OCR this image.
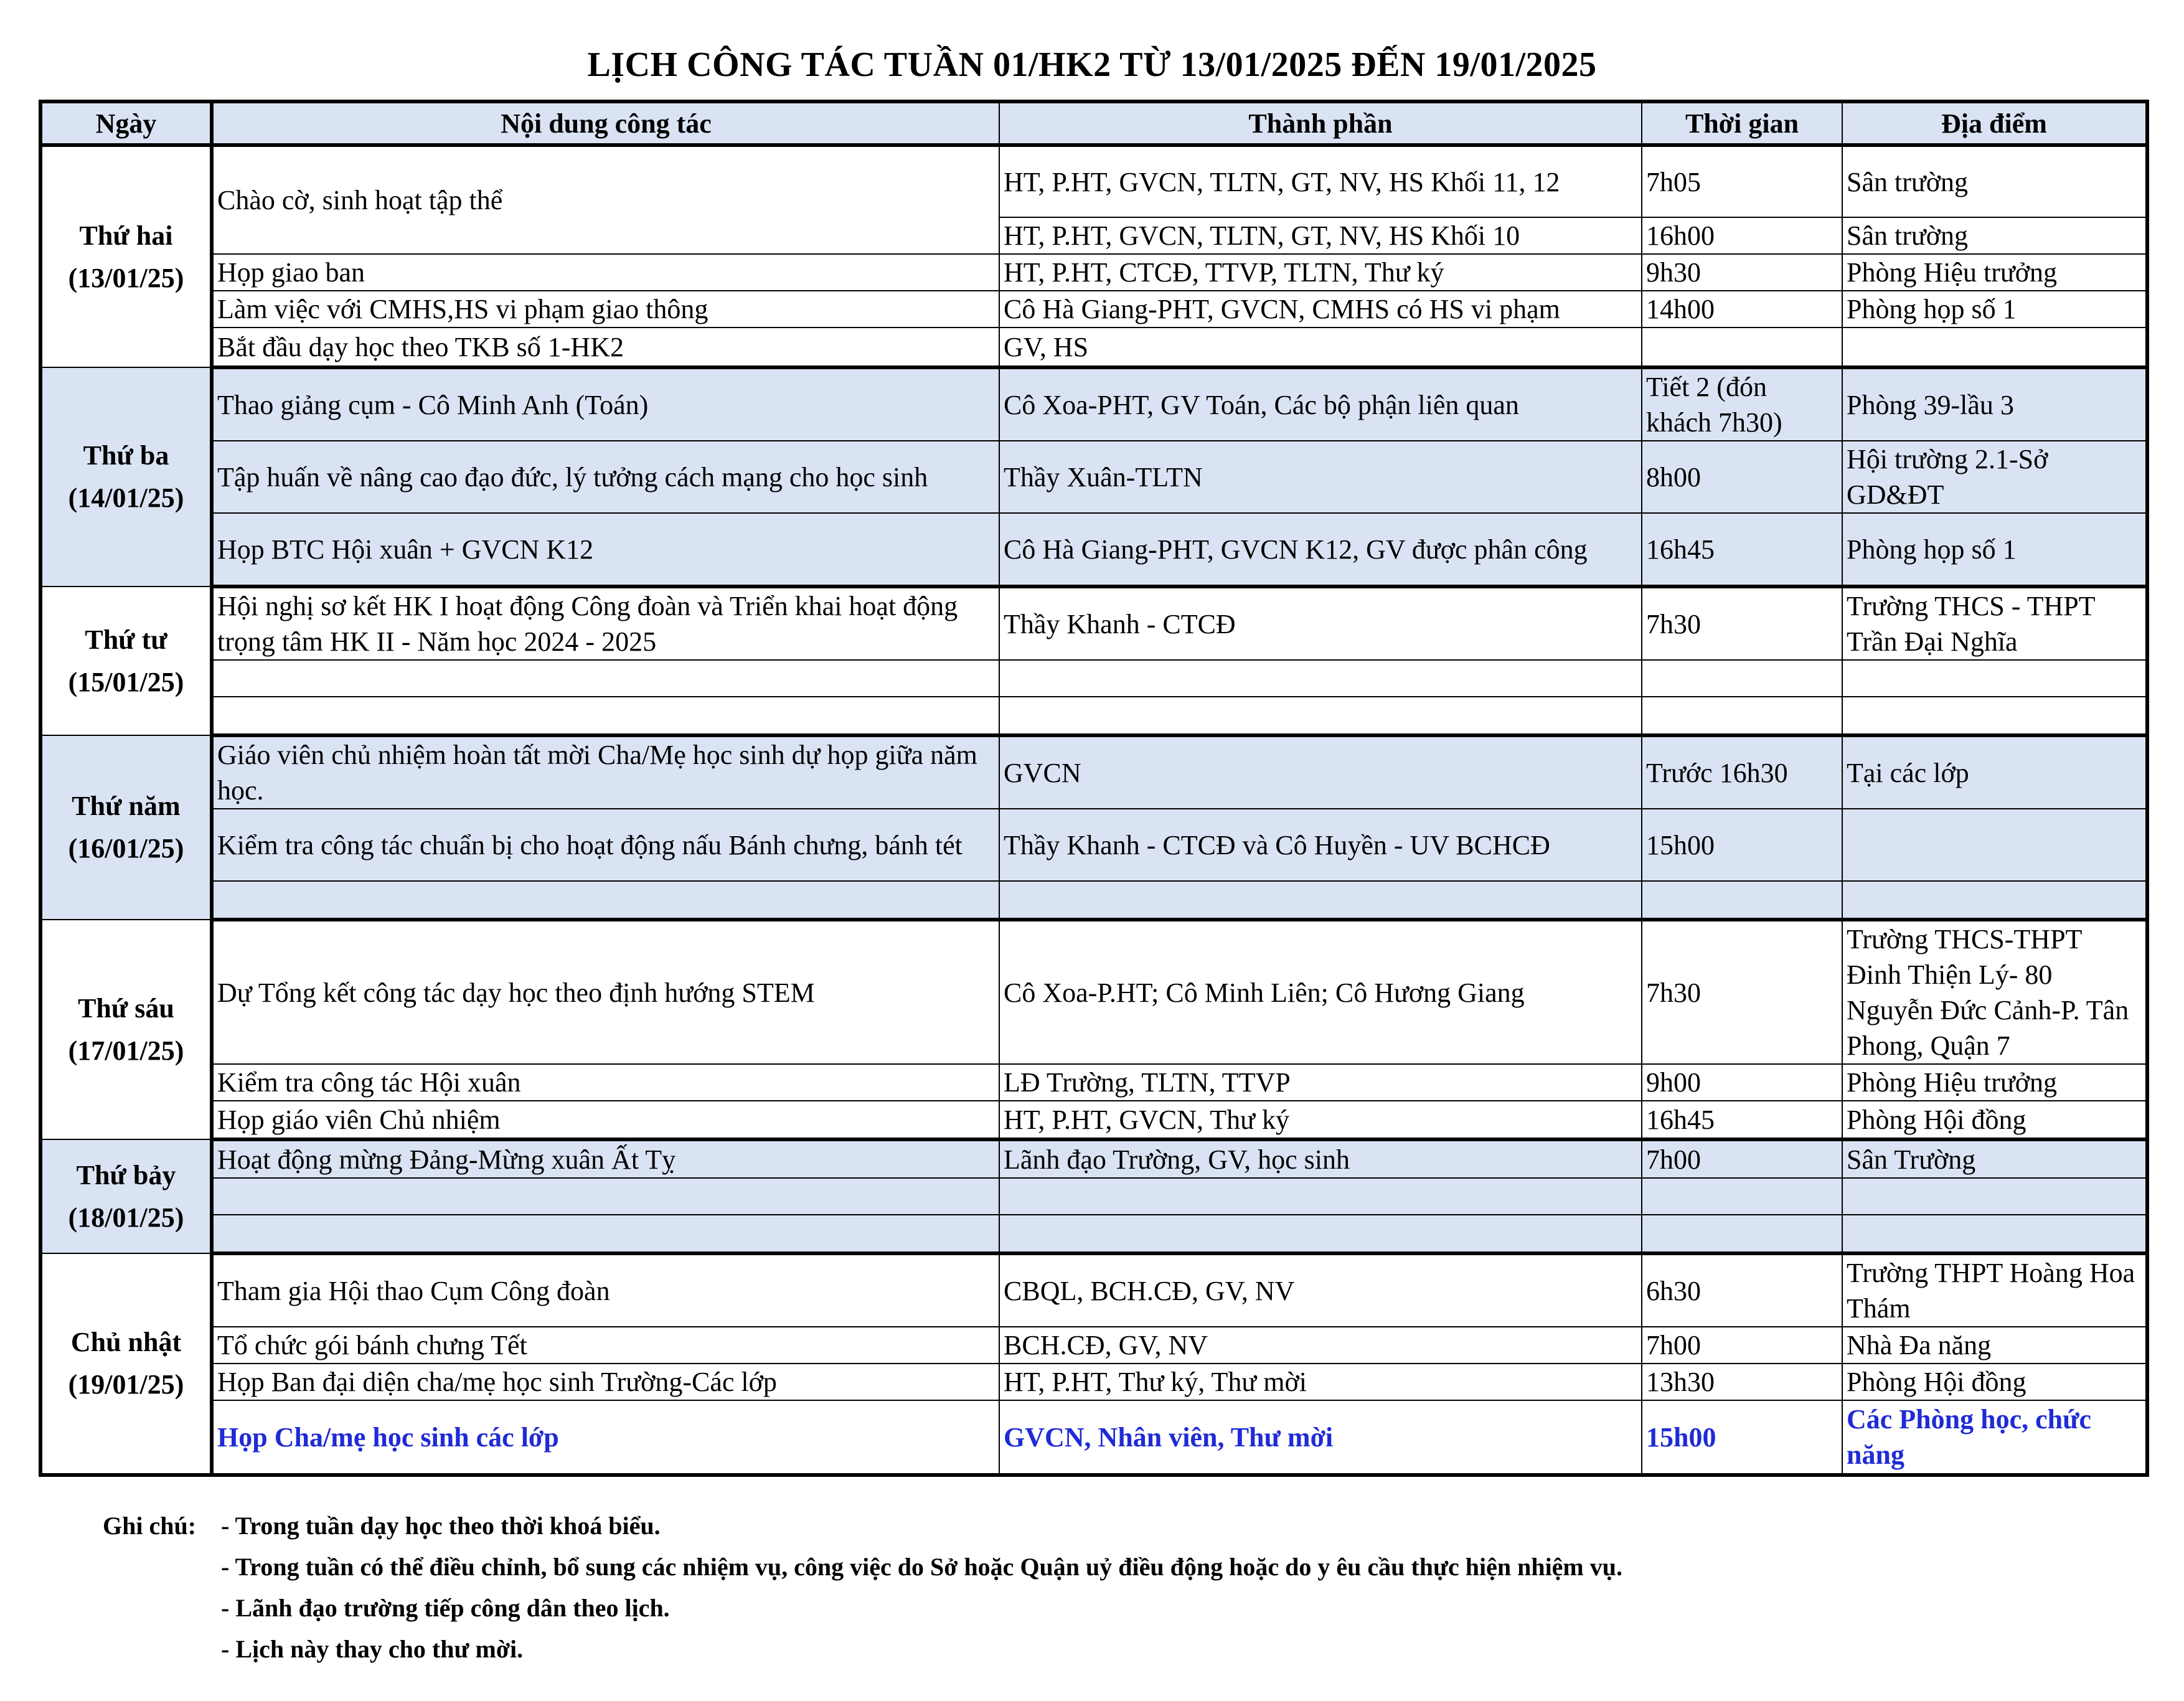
LỊCH CÔNG TÁC TUẦN 01/HK2 TỪ 13/01/2025 ĐẾN 19/01/2025
Ngày	Nội dung công tác	Thành phần	Thời gian	Địa điểm
Thứ hai
(13/01/25)	Chào cờ, sinh hoạt tập thể	HT, P.HT, GVCN, TLTN, GT, NV, HS Khối 11, 12	7h05	Sân trường
		HT, P.HT, GVCN, TLTN, GT, NV, HS Khối 10	16h00	Sân trường
	Họp giao ban	HT, P.HT, CTCĐ, TTVP, TLTN, Thư ký	9h30	Phòng Hiệu trưởng
	Làm việc với CMHS,HS vi phạm giao thông	Cô Hà Giang-PHT, GVCN, CMHS có HS vi phạm	14h00	Phòng họp số 1
	Bắt đầu dạy học theo TKB số 1-HK2	GV, HS		
Thứ ba
(14/01/25)	Thao giảng cụm - Cô Minh Anh (Toán)	Cô Xoa-PHT, GV Toán, Các bộ phận liên quan	Tiết 2 (đón khách 7h30)	Phòng 39-lầu 3
	Tập huấn về nâng cao đạo đức, lý tưởng cách mạng cho học sinh	Thầy Xuân-TLTN	8h00	Hội trường 2.1-Sở GD&ĐT
	Họp BTC Hội xuân + GVCN K12	Cô Hà Giang-PHT, GVCN K12, GV được phân công	16h45	Phòng họp số 1
Thứ tư
(15/01/25)	Hội nghị sơ kết HK I hoạt động Công đoàn và Triển khai hoạt động trọng tâm HK II - Năm học 2024 - 2025	Thầy Khanh - CTCĐ	7h30	Trường THCS - THPT Trần Đại Nghĩa

Thứ năm
(16/01/25)	Giáo viên chủ nhiệm hoàn tất mời Cha/Mẹ học sinh dự họp giữa năm học.	GVCN	Trước 16h30	Tại các lớp
	Kiểm tra công tác chuẩn bị cho hoạt động nấu Bánh chưng, bánh tét	Thầy Khanh - CTCĐ và Cô Huyền - UV BCHCĐ	15h00	

Thứ sáu
(17/01/25)	Dự Tổng kết công tác dạy học theo định hướng STEM	Cô Xoa-P.HT; Cô Minh Liên; Cô Hương Giang	7h30	Trường THCS-THPT Đinh Thiện Lý- 80 Nguyễn Đức Cảnh-P. Tân Phong, Quận 7
	Kiểm tra công tác Hội xuân	LĐ Trường, TLTN, TTVP	9h00	Phòng Hiệu trưởng
	Họp giáo viên Chủ nhiệm	HT, P.HT, GVCN, Thư ký	16h45	Phòng Hội đồng
Thứ bảy
(18/01/25)	Hoạt động mừng Đảng-Mừng xuân Ất Tỵ	Lãnh đạo Trường, GV, học sinh	7h00	Sân Trường

Chủ nhật
(19/01/25)	Tham gia Hội thao Cụm Công đoàn	CBQL, BCH.CĐ, GV, NV	6h30	Trường THPT Hoàng Hoa Thám
	Tổ chức gói bánh chưng Tết	BCH.CĐ, GV, NV	7h00	Nhà Đa năng
	Họp Ban đại diện cha/mẹ học sinh Trường-Các lớp	HT, P.HT, Thư ký, Thư mời	13h30	Phòng Hội đồng
	Họp Cha/mẹ học sinh các lớp	GVCN, Nhân viên, Thư mời	15h00	Các Phòng học, chức năng
Ghi chú: - Trong tuần dạy học theo thời khoá biểu.
- Trong tuần có thể điều chỉnh, bổ sung các nhiệm vụ, công việc do Sở hoặc Quận uỷ điều động hoặc do y êu cầu thực hiện nhiệm vụ.
- Lãnh đạo trường tiếp công dân theo lịch.
- Lịch này thay cho thư mời.
